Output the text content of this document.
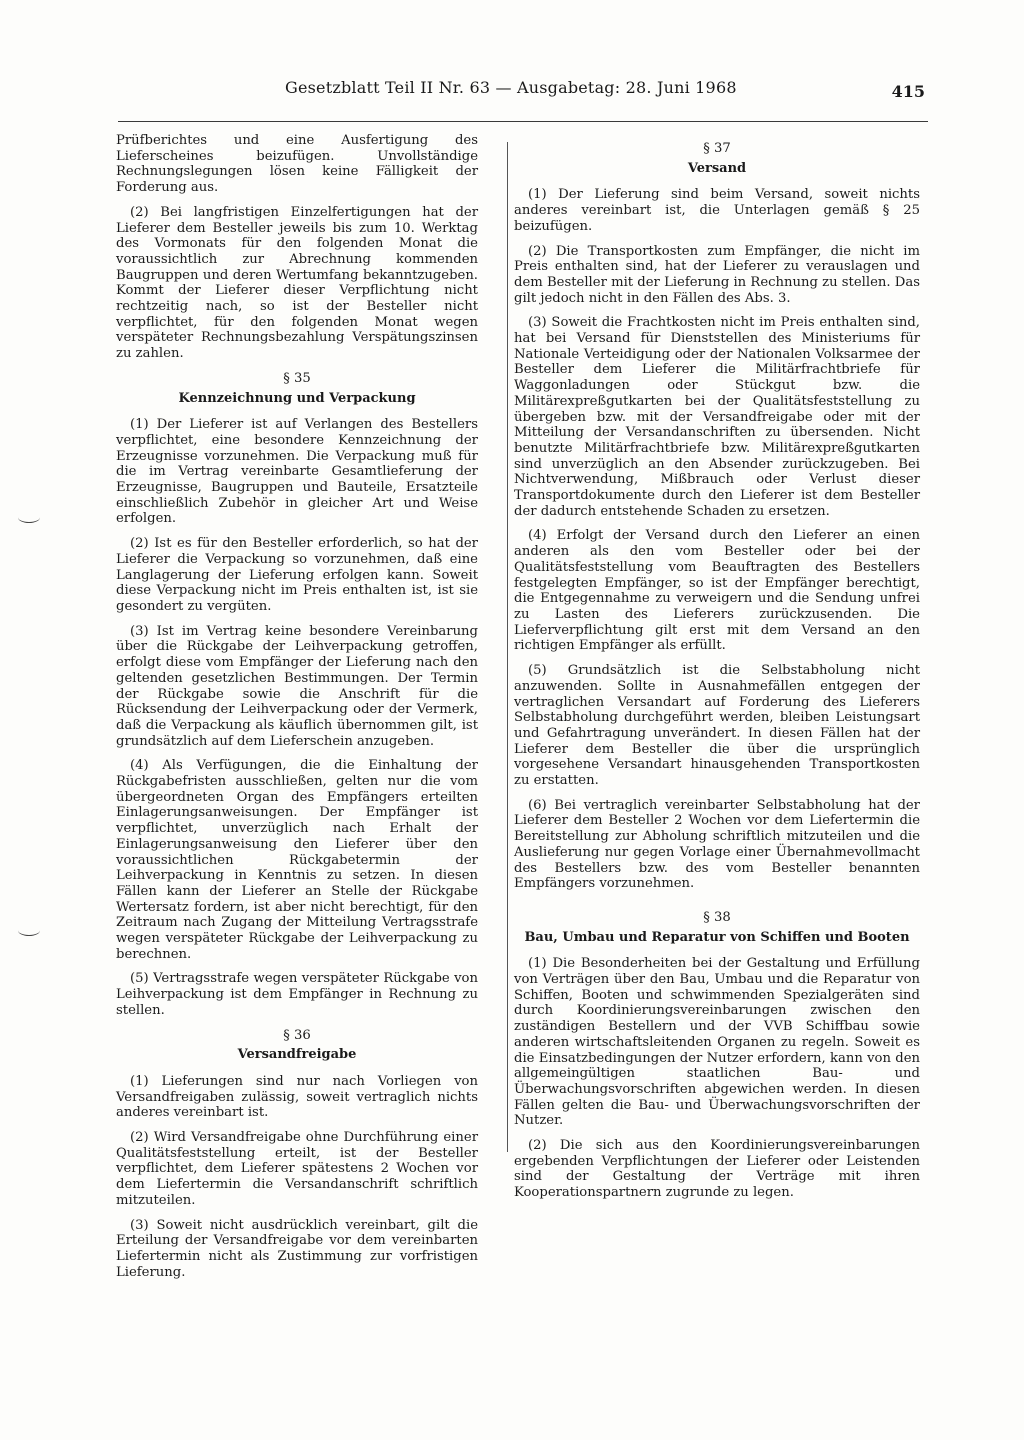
Gesetzblatt Teil II Nr. 63 — Ausgabetag: 28. Juni 1968	415

Prüfberichtes und eine Ausfertigung des Lieferscheines beizufügen. Unvollständige Rechnungslegungen lösen keine Fälligkeit der Forderung aus.

(2) Bei langfristigen Einzelfertigungen hat der Lieferer dem Besteller jeweils bis zum 10. Werktag des Vormonats für den folgenden Monat die voraussichtlich zur Abrechnung kommenden Baugruppen und deren Wertumfang bekanntzugeben. Kommt der Lieferer dieser Verpflichtung nicht rechtzeitig nach, so ist der Besteller nicht verpflichtet, für den folgenden Monat wegen verspäteter Rechnungsbezahlung Verspätungszinsen zu zahlen.

§ 35
Kennzeichnung und Verpackung

(1) Der Lieferer ist auf Verlangen des Bestellers verpflichtet, eine besondere Kennzeichnung der Erzeugnisse vorzunehmen. Die Verpackung muß für die im Vertrag vereinbarte Gesamtlieferung der Erzeugnisse, Baugruppen und Bauteile, Ersatzteile einschließlich Zubehör in gleicher Art und Weise erfolgen.

(2) Ist es für den Besteller erforderlich, so hat der Lieferer die Verpackung so vorzunehmen, daß eine Langlagerung der Lieferung erfolgen kann. Soweit diese Verpackung nicht im Preis enthalten ist, ist sie gesondert zu vergüten.

(3) Ist im Vertrag keine besondere Vereinbarung über die Rückgabe der Leihverpackung getroffen, erfolgt diese vom Empfänger der Lieferung nach den geltenden gesetzlichen Bestimmungen. Der Termin der Rückgabe sowie die Anschrift für die Rücksendung der Leihverpackung oder der Vermerk, daß die Verpackung als käuflich übernommen gilt, ist grundsätzlich auf dem Lieferschein anzugeben.

(4) Als Verfügungen, die die Einhaltung der Rückgabefristen ausschließen, gelten nur die vom übergeordneten Organ des Empfängers erteilten Einlagerungsanweisungen. Der Empfänger ist verpflichtet, unverzüglich nach Erhalt der Einlagerungsanweisung den Lieferer über den voraussichtlichen Rückgabetermin der Leihverpackung in Kenntnis zu setzen. In diesen Fällen kann der Lieferer an Stelle der Rückgabe Wertersatz fordern, ist aber nicht berechtigt, für den Zeitraum nach Zugang der Mitteilung Vertragsstrafe wegen verspäteter Rückgabe der Leihverpackung zu berechnen.

(5) Vertragsstrafe wegen verspäteter Rückgabe von Leihverpackung ist dem Empfänger in Rechnung zu stellen.

§ 36
Versandfreigabe

(1) Lieferungen sind nur nach Vorliegen von Versandfreigaben zulässig, soweit vertraglich nichts anderes vereinbart ist.

(2) Wird Versandfreigabe ohne Durchführung einer Qualitätsfeststellung erteilt, ist der Besteller verpflichtet, dem Lieferer spätestens 2 Wochen vor dem Liefertermin die Versandanschrift schriftlich mitzuteilen.

(3) Soweit nicht ausdrücklich vereinbart, gilt die Erteilung der Versandfreigabe vor dem vereinbarten Liefertermin nicht als Zustimmung zur vorfristigen Lieferung.

§ 37
Versand

(1) Der Lieferung sind beim Versand, soweit nichts anderes vereinbart ist, die Unterlagen gemäß § 25 beizufügen.

(2) Die Transportkosten zum Empfänger, die nicht im Preis enthalten sind, hat der Lieferer zu verauslagen und dem Besteller mit der Lieferung in Rechnung zu stellen. Das gilt jedoch nicht in den Fällen des Abs. 3.

(3) Soweit die Frachtkosten nicht im Preis enthalten sind, hat bei Versand für Dienststellen des Ministeriums für Nationale Verteidigung oder der Nationalen Volksarmee der Besteller dem Lieferer die Militärfrachtbriefe für Waggonladungen oder Stückgut bzw. die Militärexpreßgutkarten bei der Qualitätsfeststellung zu übergeben bzw. mit der Versandfreigabe oder mit der Mitteilung der Versandanschriften zu übersenden. Nicht benutzte Militärfrachtbriefe bzw. Militärexpreßgutkarten sind unverzüglich an den Absender zurückzugeben. Bei Nichtverwendung, Mißbrauch oder Verlust dieser Transportdokumente durch den Lieferer ist dem Besteller der dadurch entstehende Schaden zu ersetzen.

(4) Erfolgt der Versand durch den Lieferer an einen anderen als den vom Besteller oder bei der Qualitätsfeststellung vom Beauftragten des Bestellers festgelegten Empfänger, so ist der Empfänger berechtigt, die Entgegennahme zu verweigern und die Sendung unfrei zu Lasten des Lieferers zurückzusenden. Die Lieferverpflichtung gilt erst mit dem Versand an den richtigen Empfänger als erfüllt.

(5) Grundsätzlich ist die Selbstabholung nicht anzuwenden. Sollte in Ausnahmefällen entgegen der vertraglichen Versandart auf Forderung des Lieferers Selbstabholung durchgeführt werden, bleiben Leistungsart und Gefahrtragung unverändert. In diesen Fällen hat der Lieferer dem Besteller die über die ursprünglich vorgesehene Versandart hinausgehenden Transportkosten zu erstatten.

(6) Bei vertraglich vereinbarter Selbstabholung hat der Lieferer dem Besteller 2 Wochen vor dem Liefertermin die Bereitstellung zur Abholung schriftlich mitzuteilen und die Auslieferung nur gegen Vorlage einer Übernahmevollmacht des Bestellers bzw. des vom Besteller benannten Empfängers vorzunehmen.

§ 38
Bau, Umbau und Reparatur von Schiffen und Booten

(1) Die Besonderheiten bei der Gestaltung und Erfüllung von Verträgen über den Bau, Umbau und die Reparatur von Schiffen, Booten und schwimmenden Spezialgeräten sind durch Koordinierungsvereinbarungen zwischen den zuständigen Bestellern und der VVB Schiffbau sowie anderen wirtschaftsleitenden Organen zu regeln. Soweit es die Einsatzbedingungen der Nutzer erfordern, kann von den allgemeingültigen staatlichen Bau- und Überwachungsvorschriften abgewichen werden. In diesen Fällen gelten die Bau- und Überwachungsvorschriften der Nutzer.

(2) Die sich aus den Koordinierungsvereinbarungen ergebenden Verpflichtungen der Lieferer oder Leistenden sind der Gestaltung der Verträge mit ihren Kooperationspartnern zugrunde zu legen.
